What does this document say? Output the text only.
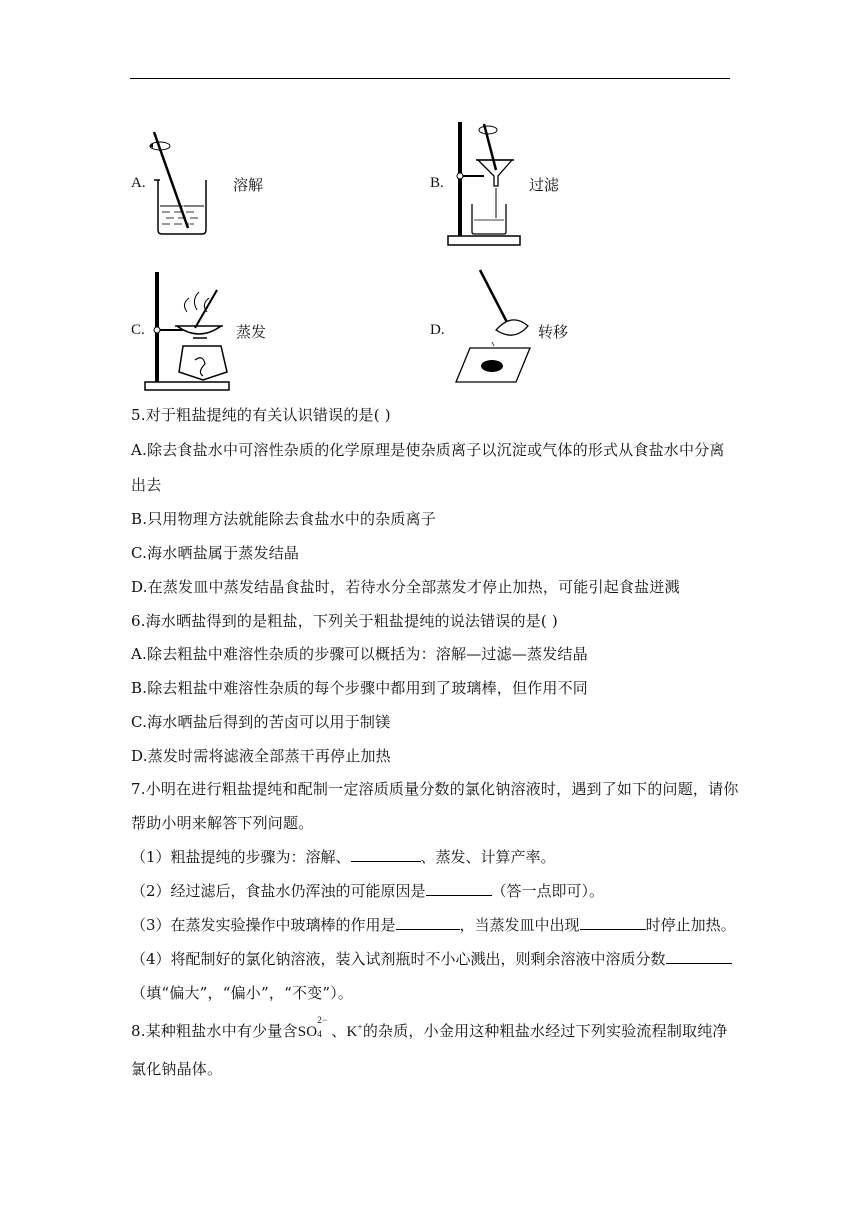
A.	溶解	B.	过滤
C.	蒸发	D.	转移
5.对于粗盐提纯的有关认识错误的是( )
A.除去食盐水中可溶性杂质的化学原理是使杂质离子以沉淀或气体的形式从食盐水中分离
出去
B.只用物理方法就能除去食盐水中的杂质离子
C.海水晒盐属于蒸发结晶
D.在蒸发皿中蒸发结晶食盐时，若待水分全部蒸发才停止加热，可能引起食盐迸溅
6.海水晒盐得到的是粗盐，下列关于粗盐提纯的说法错误的是( )
A.除去粗盐中难溶性杂质的步骤可以概括为：溶解—过滤—蒸发结晶
B.除去粗盐中难溶性杂质的每个步骤中都用到了玻璃棒，但作用不同
C.海水晒盐后得到的苦卤可以用于制镁
D.蒸发时需将滤液全部蒸干再停止加热
7.小明在进行粗盐提纯和配制一定溶质质量分数的氯化钠溶液时，遇到了如下的问题，请你
帮助小明来解答下列问题。
（1）粗盐提纯的步骤为：溶解、	、蒸发、计算产率。
（2）经过滤后，食盐水仍浑浊的可能原因是	（答一点即可）。
（3）在蒸发实验操作中玻璃棒的作用是	，当蒸发皿中出现	时停止加热。
（4）将配制好的氯化钠溶液，装入试剂瓶时不小心溅出，则剩余溶液中溶质分数
（填“偏大”，“偏小”，“不变”）。
8.某种粗盐水中有少量含SO
2−
4 、K+的杂质，小金用这种粗盐水经过下列实验流程制取纯净
氯化钠晶体。
